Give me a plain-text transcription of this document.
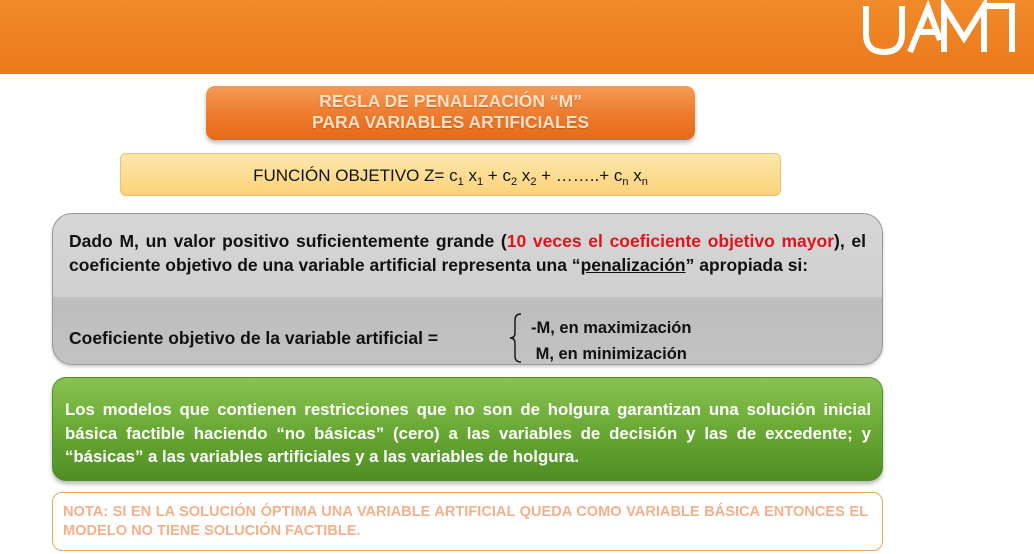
REGLA DE PENALIZACIÓN “M”
PARA VARIABLES ARTIFICIALES
FUNCIÓN OBJETIVO $Z= c_1$ $x_1 + c_2$ $x_2$ + ……..+ $c_n$ $x_n$
Dado M, un valor positivo suficientemente grande (10 veces el coeficiente objetivo mayor), el coeficiente objetivo de una variable artificial representa una “penalización” apropiada si:
Coeficiente objetivo de la variable artificial =	-M, en maximización
M, en minimización
Los modelos que contienen restricciones que no son de holgura garantizan una solución inicial básica factible haciendo “no básicas” (cero) a las variables de decisión y las de excedente; y “básicas” a las variables artificiales y a las variables de holgura.
NOTA: SI EN LA SOLUCIÓN ÓPTIMA UNA VARIABLE ARTIFICIAL QUEDA COMO VARIABLE BÁSICA ENTONCES EL MODELO NO TIENE SOLUCIÓN FACTIBLE.
